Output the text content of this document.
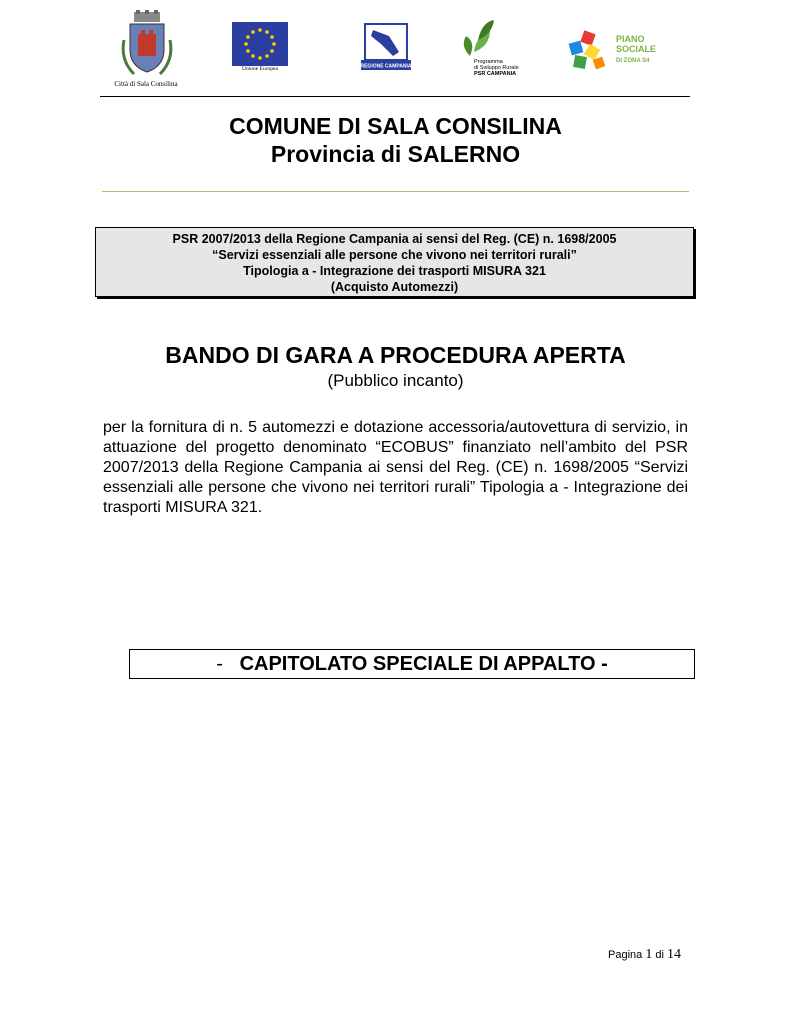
Città di Sala Consilina
Unione Europea	REGIONE CAMPANIA
Programma
di Sviluppo Rurale
PSR CAMPANIA
PIANO
SOCIALE
DI ZONA S4
COMUNE DI SALA CONSILINA
Provincia di SALERNO
PSR 2007/2013 della Regione Campania ai sensi del Reg. (CE) n. 1698/2005
“Servizi essenziali alle persone che vivono nei territori rurali”
Tipologia a - Integrazione dei trasporti MISURA 321
(Acquisto Automezzi)
BANDO DI GARA A PROCEDURA APERTA
(Pubblico incanto)
per la fornitura di n. 5 automezzi e dotazione accessoria/autovettura di servizio, in attuazione del progetto denominato “ECOBUS” finanziato nell’ambito del PSR 2007/2013 della Regione Campania ai sensi del Reg. (CE) n. 1698/2005 “Servizi essenziali alle persone che vivono nei territori rurali” Tipologia a - Integrazione dei trasporti MISURA 321.
- CAPITOLATO SPECIALE DI APPALTO -
Pagina 1 di 14
